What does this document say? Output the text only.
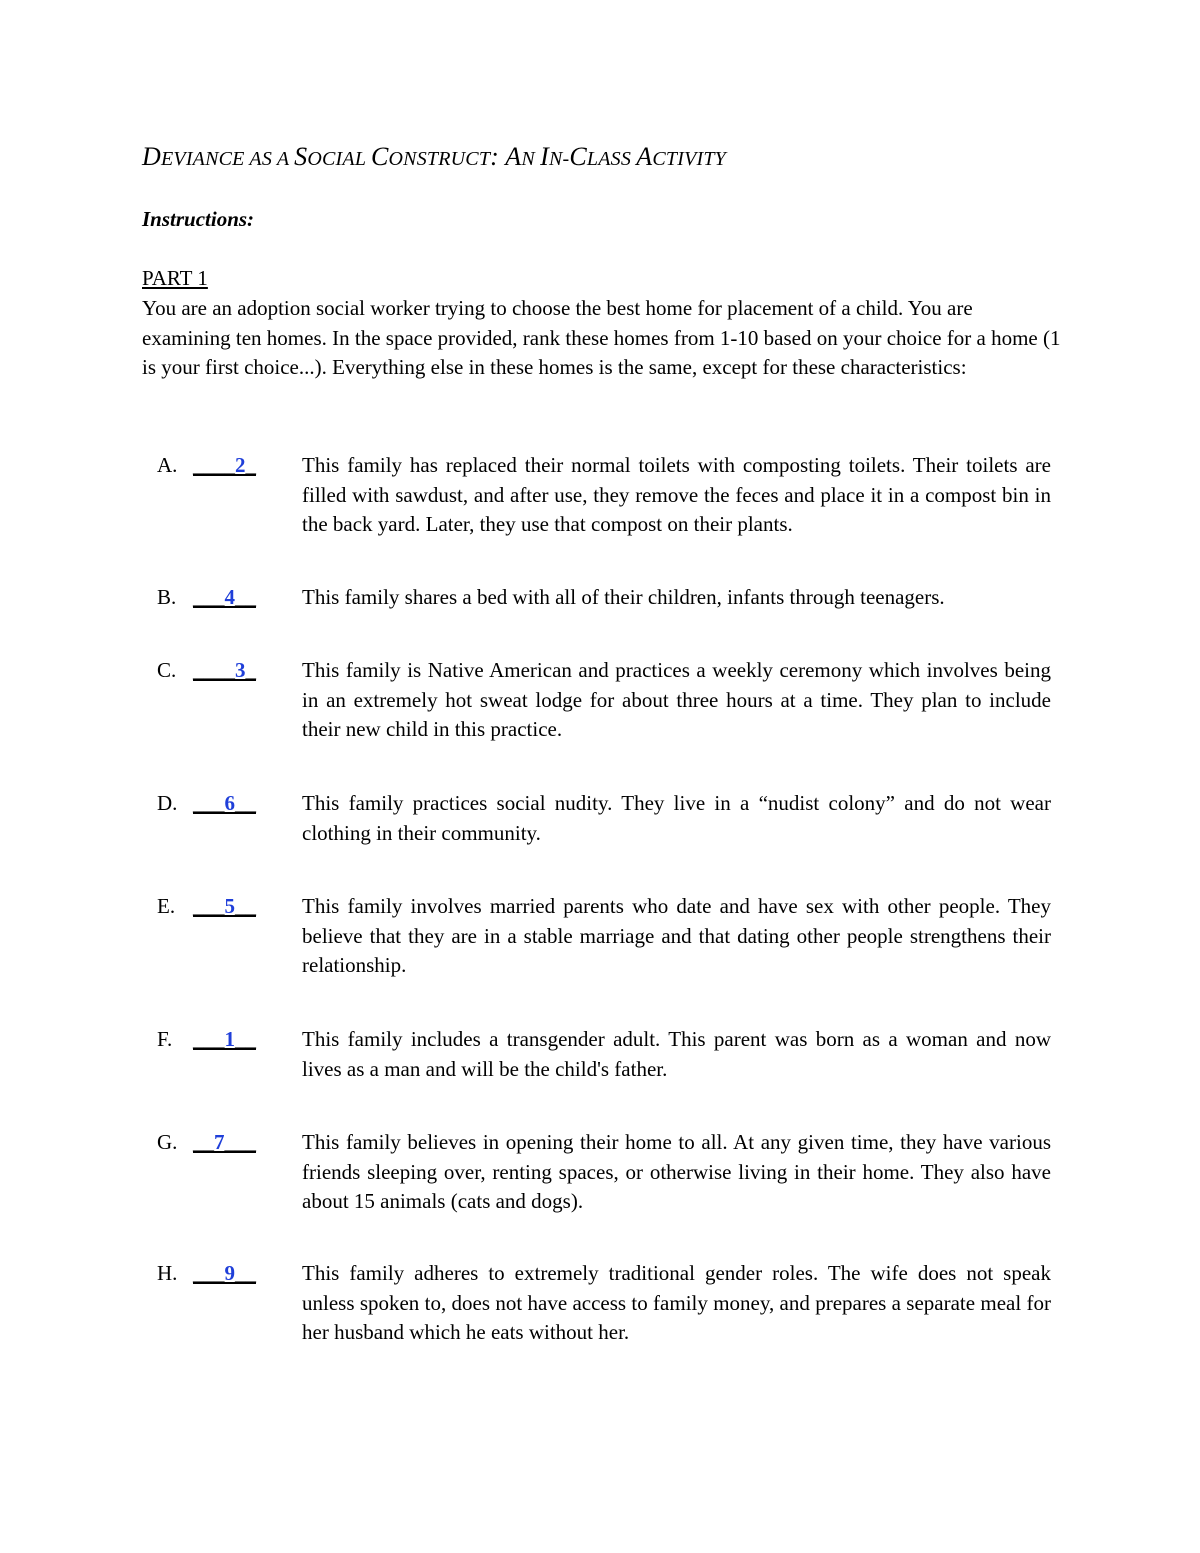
DEVIANCE AS A SOCIAL CONSTRUCT: AN IN-CLASS ACTIVITY
Instructions:
PART 1
You are an adoption social worker trying to choose the best home for placement of a child. You are examining ten homes. In the space provided, rank these homes from 1-10 based on your choice for a home (1 is your first choice...). Everything else in these homes is the same, except for these characteristics:
A. ____2_ This family has replaced their normal toilets with composting toilets. Their toilets are filled with sawdust, and after use, they remove the feces and place it in a compost bin in the back yard. Later, they use that compost on their plants.
B. ___4__ This family shares a bed with all of their children, infants through teenagers.
C. ____3_ This family is Native American and practices a weekly ceremony which involves being in an extremely hot sweat lodge for about three hours at a time. They plan to include their new child in this practice.
D. ___6__ This family practices social nudity. They live in a “nudist colony” and do not wear clothing in their community.
E. ___5__ This family involves married parents who date and have sex with other people. They believe that they are in a stable marriage and that dating other people strengthens their relationship.
F. ___1__ This family includes a transgender adult. This parent was born as a woman and now lives as a man and will be the child's father.
G. __7___ This family believes in opening their home to all. At any given time, they have various friends sleeping over, renting spaces, or otherwise living in their home. They also have about 15 animals (cats and dogs).
H. ___9__ This family adheres to extremely traditional gender roles. The wife does not speak unless spoken to, does not have access to family money, and prepares a separate meal for her husband which he eats without her.
